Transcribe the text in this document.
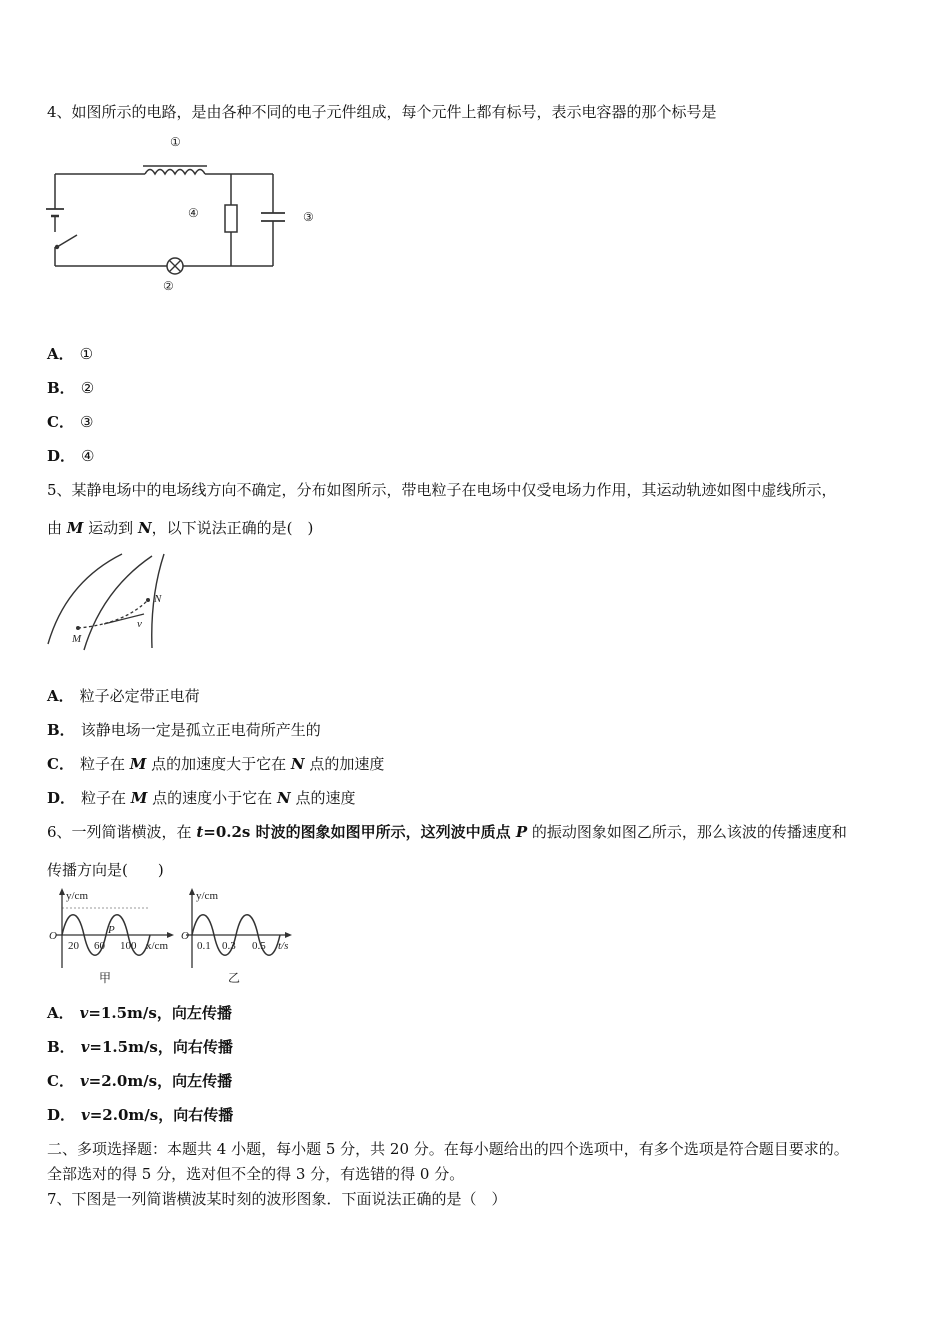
4、如图所示的电路，是由各种不同的电子元件组成，每个元件上都有标号，表示电容器的那个标号是
①
②
④	③
A． ①
B． ②
C． ③
D． ④
5、某静电场中的电场线方向不确定，分布如图所示，带电粒子在电场中仅受电场力作用，其运动轨迹如图中虚线所示，
由 M 运动到 N，以下说法正确的是(　)
M
N
v
A． 粒子必定带正电荷
B． 该静电场一定是孤立正电荷所产生的
C． 粒子在 M 点的加速度大于它在 N 点的加速度
D． 粒子在 M 点的速度小于它在 N 点的速度
6、一列简谐横波，在 t=0.2s 时波的图象如图甲所示，这列波中质点 P 的振动图象如图乙所示，那么该波的传播速度和
传播方向是(　　)
y/cm
O
20 60 100
P
x/cm
甲
y/cm
O
0.1 0.3 0.5 t/s
乙
A． v=1.5m/s，向左传播
B． v=1.5m/s，向右传播
C． v=2.0m/s，向左传播
D． v=2.0m/s，向右传播
二、多项选择题：本题共 4 小题，每小题 5 分，共 20 分。在每小题给出的四个选项中，有多个选项是符合题目要求的。
全部选对的得 5 分，选对但不全的得 3 分，有选错的得 0 分。
7、下图是一列简谐横波某时刻的波形图象．下面说法正确的是（　）
